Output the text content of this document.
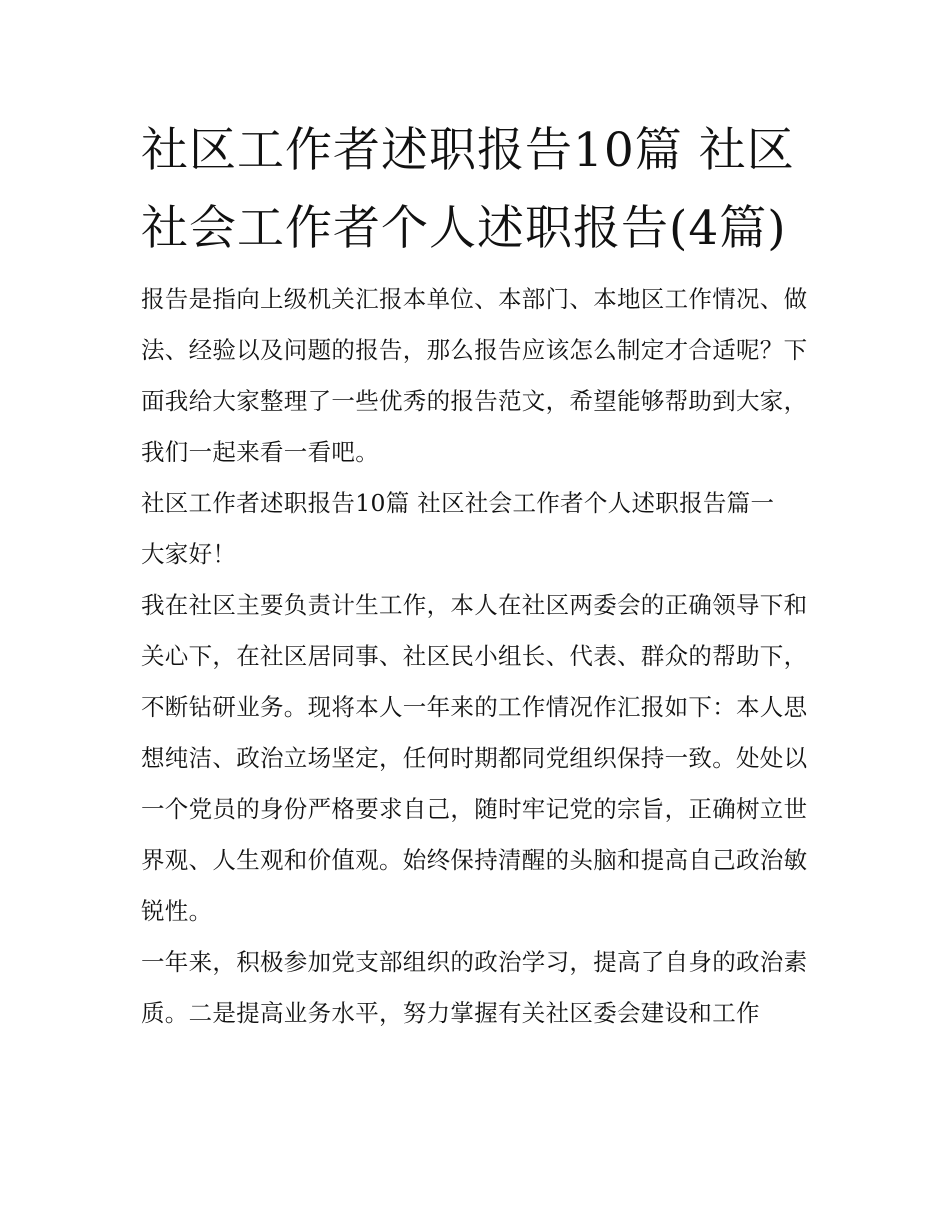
社区工作者述职报告10篇 社区社会工作者个人述职报告(4篇)

报告是指向上级机关汇报本单位、本部门、本地区工作情况、做法、经验以及问题的报告，那么报告应该怎么制定才合适呢？下面我给大家整理了一些优秀的报告范文，希望能够帮助到大家，我们一起来看一看吧。

社区工作者述职报告10篇 社区社会工作者个人述职报告篇一

大家好！

我在社区主要负责计生工作，本人在社区两委会的正确领导下和关心下，在社区居同事、社区民小组长、代表、群众的帮助下，不断钻研业务。现将本人一年来的工作情况作汇报如下：本人思想纯洁、政治立场坚定，任何时期都同党组织保持一致。处处以一个党员的身份严格要求自己，随时牢记党的宗旨，正确树立世界观、人生观和价值观。始终保持清醒的头脑和提高自己政治敏锐性。

一年来，积极参加党支部组织的政治学习，提高了自身的政治素质。二是提高业务水平，努力掌握有关社区委会建设和工作
